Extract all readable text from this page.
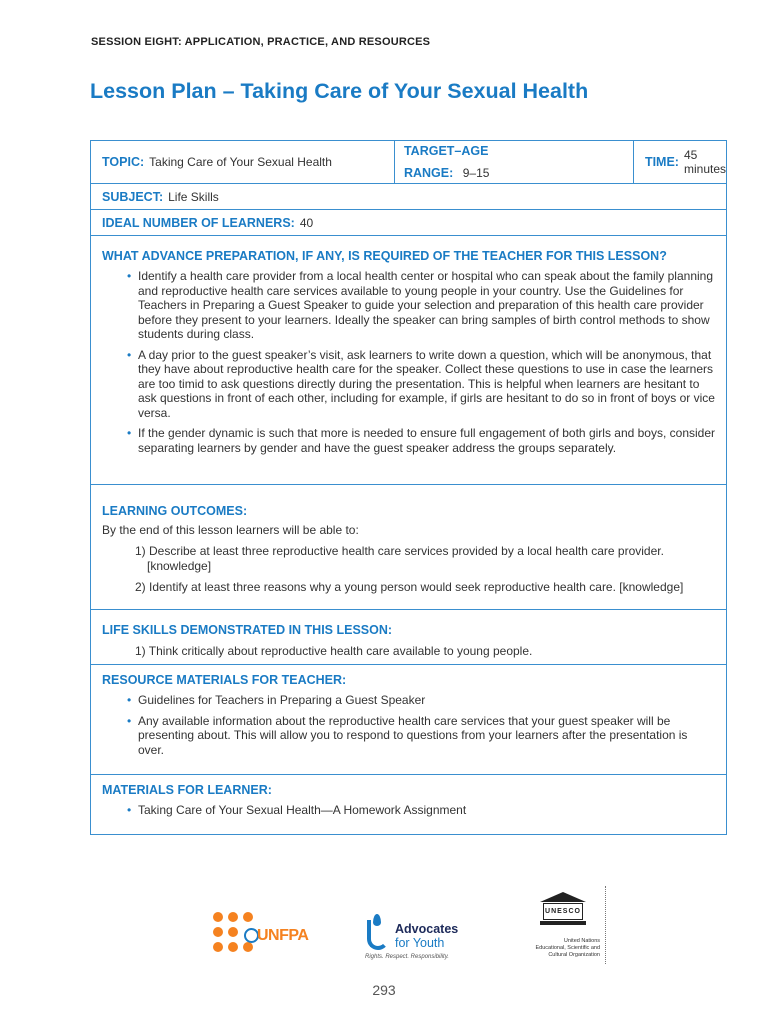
SESSION EIGHT: APPLICATION, PRACTICE, AND RESOURCES
Lesson Plan – Taking Care of Your Sexual Health
TOPIC: Taking Care of Your Sexual Health
TARGET–AGE
RANGE: 9–15
TIME: 45 minutes
SUBJECT: Life Skills
IDEAL NUMBER OF LEARNERS: 40
WHAT ADVANCE PREPARATION, IF ANY, IS REQUIRED OF THE TEACHER FOR THIS LESSON?
• Identify a health care provider from a local health center or hospital who can speak about the family planning and reproductive health care services available to young people in your country. Use the Guidelines for Teachers in Preparing a Guest Speaker to guide your selection and preparation of this health care provider before they present to your learners. Ideally the speaker can bring samples of birth control methods to show students during class.
• A day prior to the guest speaker’s visit, ask learners to write down a question, which will be anonymous, that they have about reproductive health care for the speaker. Collect these questions to use in case the learners are too timid to ask questions directly during the presentation. This is helpful when learners are hesitant to ask questions in front of each other, including for example, if girls are hesitant to do so in front of boys or vice versa.
• If the gender dynamic is such that more is needed to ensure full engagement of both girls and boys, consider separating learners by gender and have the guest speaker address the groups separately.
LEARNING OUTCOMES:
By the end of this lesson learners will be able to:
1) Describe at least three reproductive health care services provided by a local health care provider. [knowledge]
2) Identify at least three reasons why a young person would seek reproductive health care. [knowledge]
LIFE SKILLS DEMONSTRATED IN THIS LESSON:
1) Think critically about reproductive health care available to young people.
RESOURCE MATERIALS FOR TEACHER:
• Guidelines for Teachers in Preparing a Guest Speaker
• Any available information about the reproductive health care services that your guest speaker will be presenting about. This will allow you to respond to questions from your learners after the presentation is over.
MATERIALS FOR LEARNER:
• Taking Care of Your Sexual Health—A Homework Assignment
UNFPA	Advocates
for Youth
Rights. Respect. Responsibility.
UNESCO
United Nations
Educational, Scientific and
Cultural Organization
293
